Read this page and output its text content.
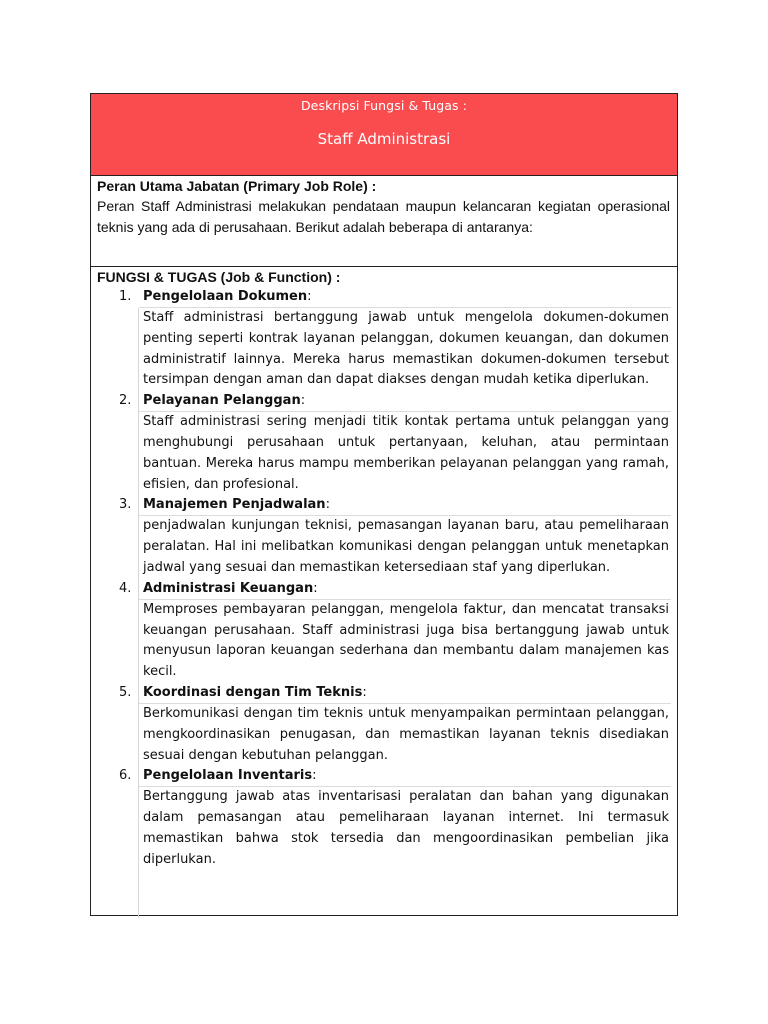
Deskripsi Fungsi & Tugas :
Staff Administrasi
Peran Utama Jabatan (Primary Job Role) :
Peran Staff Administrasi melakukan pendataan maupun kelancaran kegiatan operasional teknis yang ada di perusahaan. Berikut adalah beberapa di antaranya:
FUNGSI & TUGAS (Job & Function) :
1. Pengelolaan Dokumen:
Staff administrasi bertanggung jawab untuk mengelola dokumen-dokumen penting seperti kontrak layanan pelanggan, dokumen keuangan, dan dokumen administratif lainnya. Mereka harus memastikan dokumen-dokumen tersebut tersimpan dengan aman dan dapat diakses dengan mudah ketika diperlukan.
2. Pelayanan Pelanggan:
Staff administrasi sering menjadi titik kontak pertama untuk pelanggan yang menghubungi perusahaan untuk pertanyaan, keluhan, atau permintaan bantuan. Mereka harus mampu memberikan pelayanan pelanggan yang ramah, efisien, dan profesional.
3. Manajemen Penjadwalan:
penjadwalan kunjungan teknisi, pemasangan layanan baru, atau pemeliharaan peralatan. Hal ini melibatkan komunikasi dengan pelanggan untuk menetapkan jadwal yang sesuai dan memastikan ketersediaan staf yang diperlukan.
4. Administrasi Keuangan:
Memproses pembayaran pelanggan, mengelola faktur, dan mencatat transaksi keuangan perusahaan. Staff administrasi juga bisa bertanggung jawab untuk menyusun laporan keuangan sederhana dan membantu dalam manajemen kas kecil.
5. Koordinasi dengan Tim Teknis:
Berkomunikasi dengan tim teknis untuk menyampaikan permintaan pelanggan, mengkoordinasikan penugasan, dan memastikan layanan teknis disediakan sesuai dengan kebutuhan pelanggan.
6. Pengelolaan Inventaris:
Bertanggung jawab atas inventarisasi peralatan dan bahan yang digunakan dalam pemasangan atau pemeliharaan layanan internet. Ini termasuk memastikan bahwa stok tersedia dan mengoordinasikan pembelian jika diperlukan.
